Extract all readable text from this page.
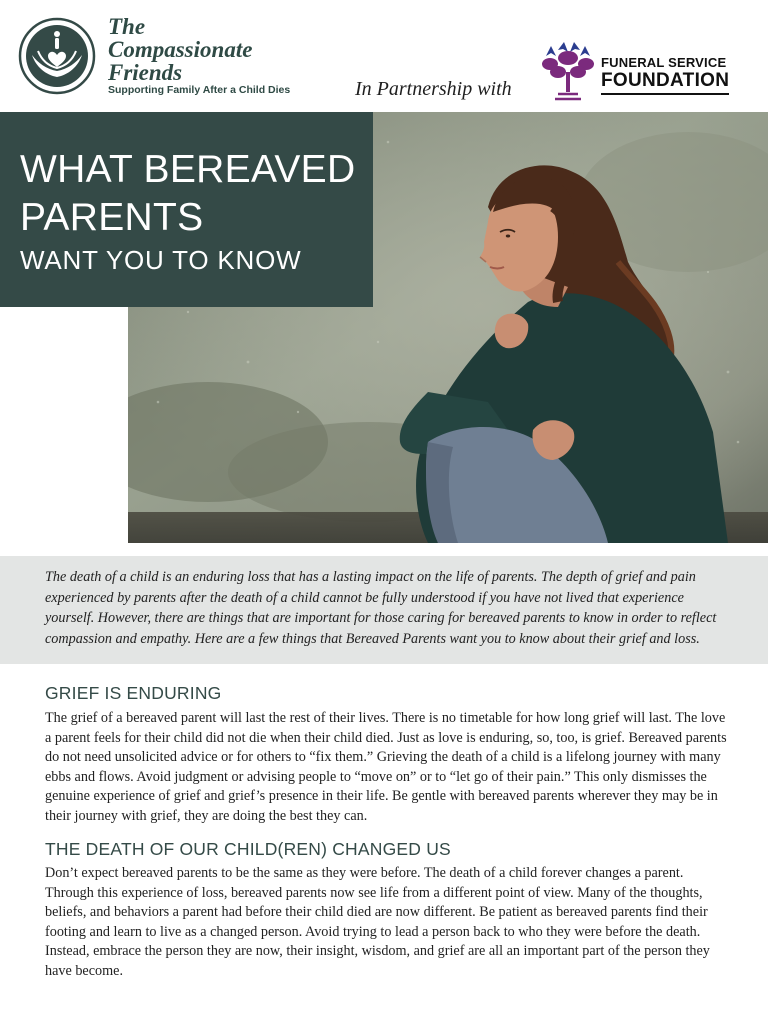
The
Compassionate
Friends
Supporting Family After a Child Dies	In Partnership with
FUNERAL SERVICE
FOUNDATION
WHAT BEREAVED
PARENTS
WANT YOU TO KNOW

The death of a child is an enduring loss that has a lasting impact on the life of parents. The depth of grief and pain experienced by parents after the death of a child cannot be fully understood if you have not lived that experience yourself. However, there are things that are important for those caring for bereaved parents to know in order to reflect compassion and empathy. Here are a few things that Bereaved Parents want you to know about their grief and loss.

GRIEF IS ENDURING

The grief of a bereaved parent will last the rest of their lives. There is no timetable for how long grief will last. The love a parent feels for their child did not die when their child died. Just as love is enduring, so, too, is grief. Bereaved parents do not need unsolicited advice or for others to “fix them.” Grieving the death of a child is a lifelong journey with many ebbs and flows. Avoid judgment or advising people to “move on” or to “let go of their pain.” This only dismisses the genuine experience of grief and grief’s presence in their life. Be gentle with bereaved parents wherever they may be in their journey with grief, they are doing the best they can.

THE DEATH OF OUR CHILD(REN) CHANGED US

Don’t expect bereaved parents to be the same as they were before. The death of a child forever changes a parent. Through this experience of loss, bereaved parents now see life from a different point of view. Many of the thoughts, beliefs, and behaviors a parent had before their child died are now different. Be patient as bereaved parents find their footing and learn to live as a changed person. Avoid trying to lead a person back to who they were before the death. Instead, embrace the person they are now, their insight, wisdom, and grief are all an important part of the person they have become.
